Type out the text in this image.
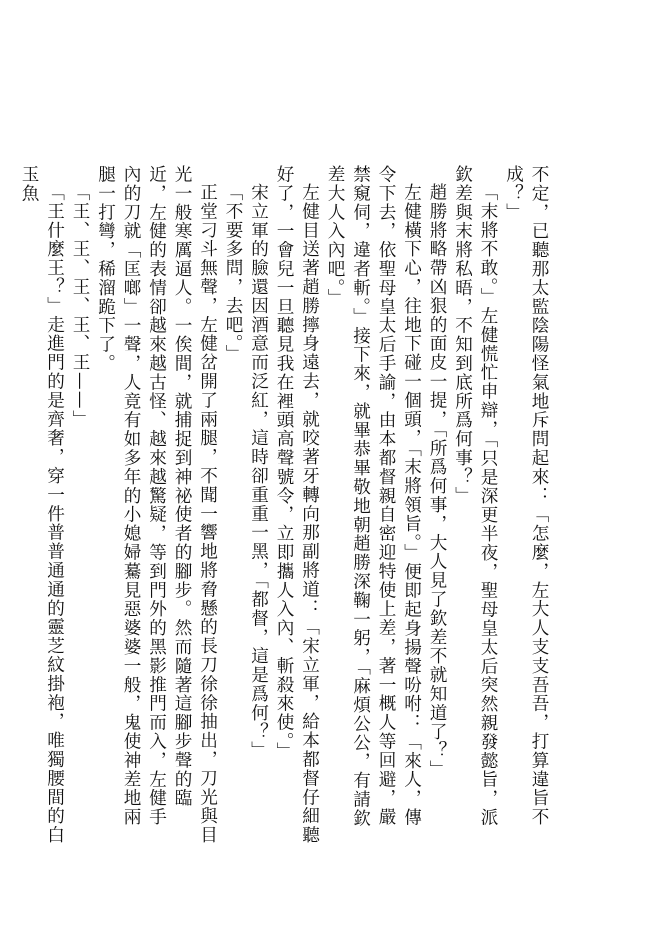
不定，已聽那太監陰陽怪氣地斥問起來：「怎麼，左大人支支吾吾，打算違旨不成？」

「末將不敢。」左健慌忙申辯，「只是深更半夜，聖母皇太后突然親發懿旨，派欽差與末將私晤，不知到底所爲何事？」

趙勝將略帶凶狠的面皮一提，「所爲何事，大人見了欽差不就知道了？」

左健橫下心，往地下碰一個頭，「末將領旨。」便即起身揚聲吩咐：「來人，傳令下去，依聖母皇太后手諭，由本都督親自密迎特使上差，著一概人等回避，嚴禁窺伺，違者斬。」接下來，就畢恭畢敬地朝趙勝深鞠一躬，「麻煩公公，有請欽差大人入內吧。」

左健目送著趙勝擰身遠去，就咬著牙轉向那副將道：「宋立軍，給本都督仔細聽好了，一會兒一旦聽見我在裡頭高聲號令，立即攜人入內、斬殺來使。」

宋立軍的臉還因酒意而泛紅，這時卻重重一黑，「都督，這是爲何？」

「不要多問，去吧。」

正堂刁斗無聲，左健岔開了兩腿，不聞一響地將脅懸的長刀徐徐抽出，刀光與目光一般寒厲逼人。一俟間，就捕捉到神祕使者的腳步。然而隨著這腳步聲的臨近，左健的表情卻越來越古怪、越來越驚疑，等到門外的黑影推門而入，左健手內的刀就「匡啷」一聲，人竟有如多年的小媳婦驀見惡婆婆一般，鬼使神差地兩腿一打彎，稀溜跪下了。

「王、王、王、王、王——」

「王什麼王？」走進門的是齊奢，穿一件普普通通的靈芝紋掛袍，唯獨腰間的白玉魚
